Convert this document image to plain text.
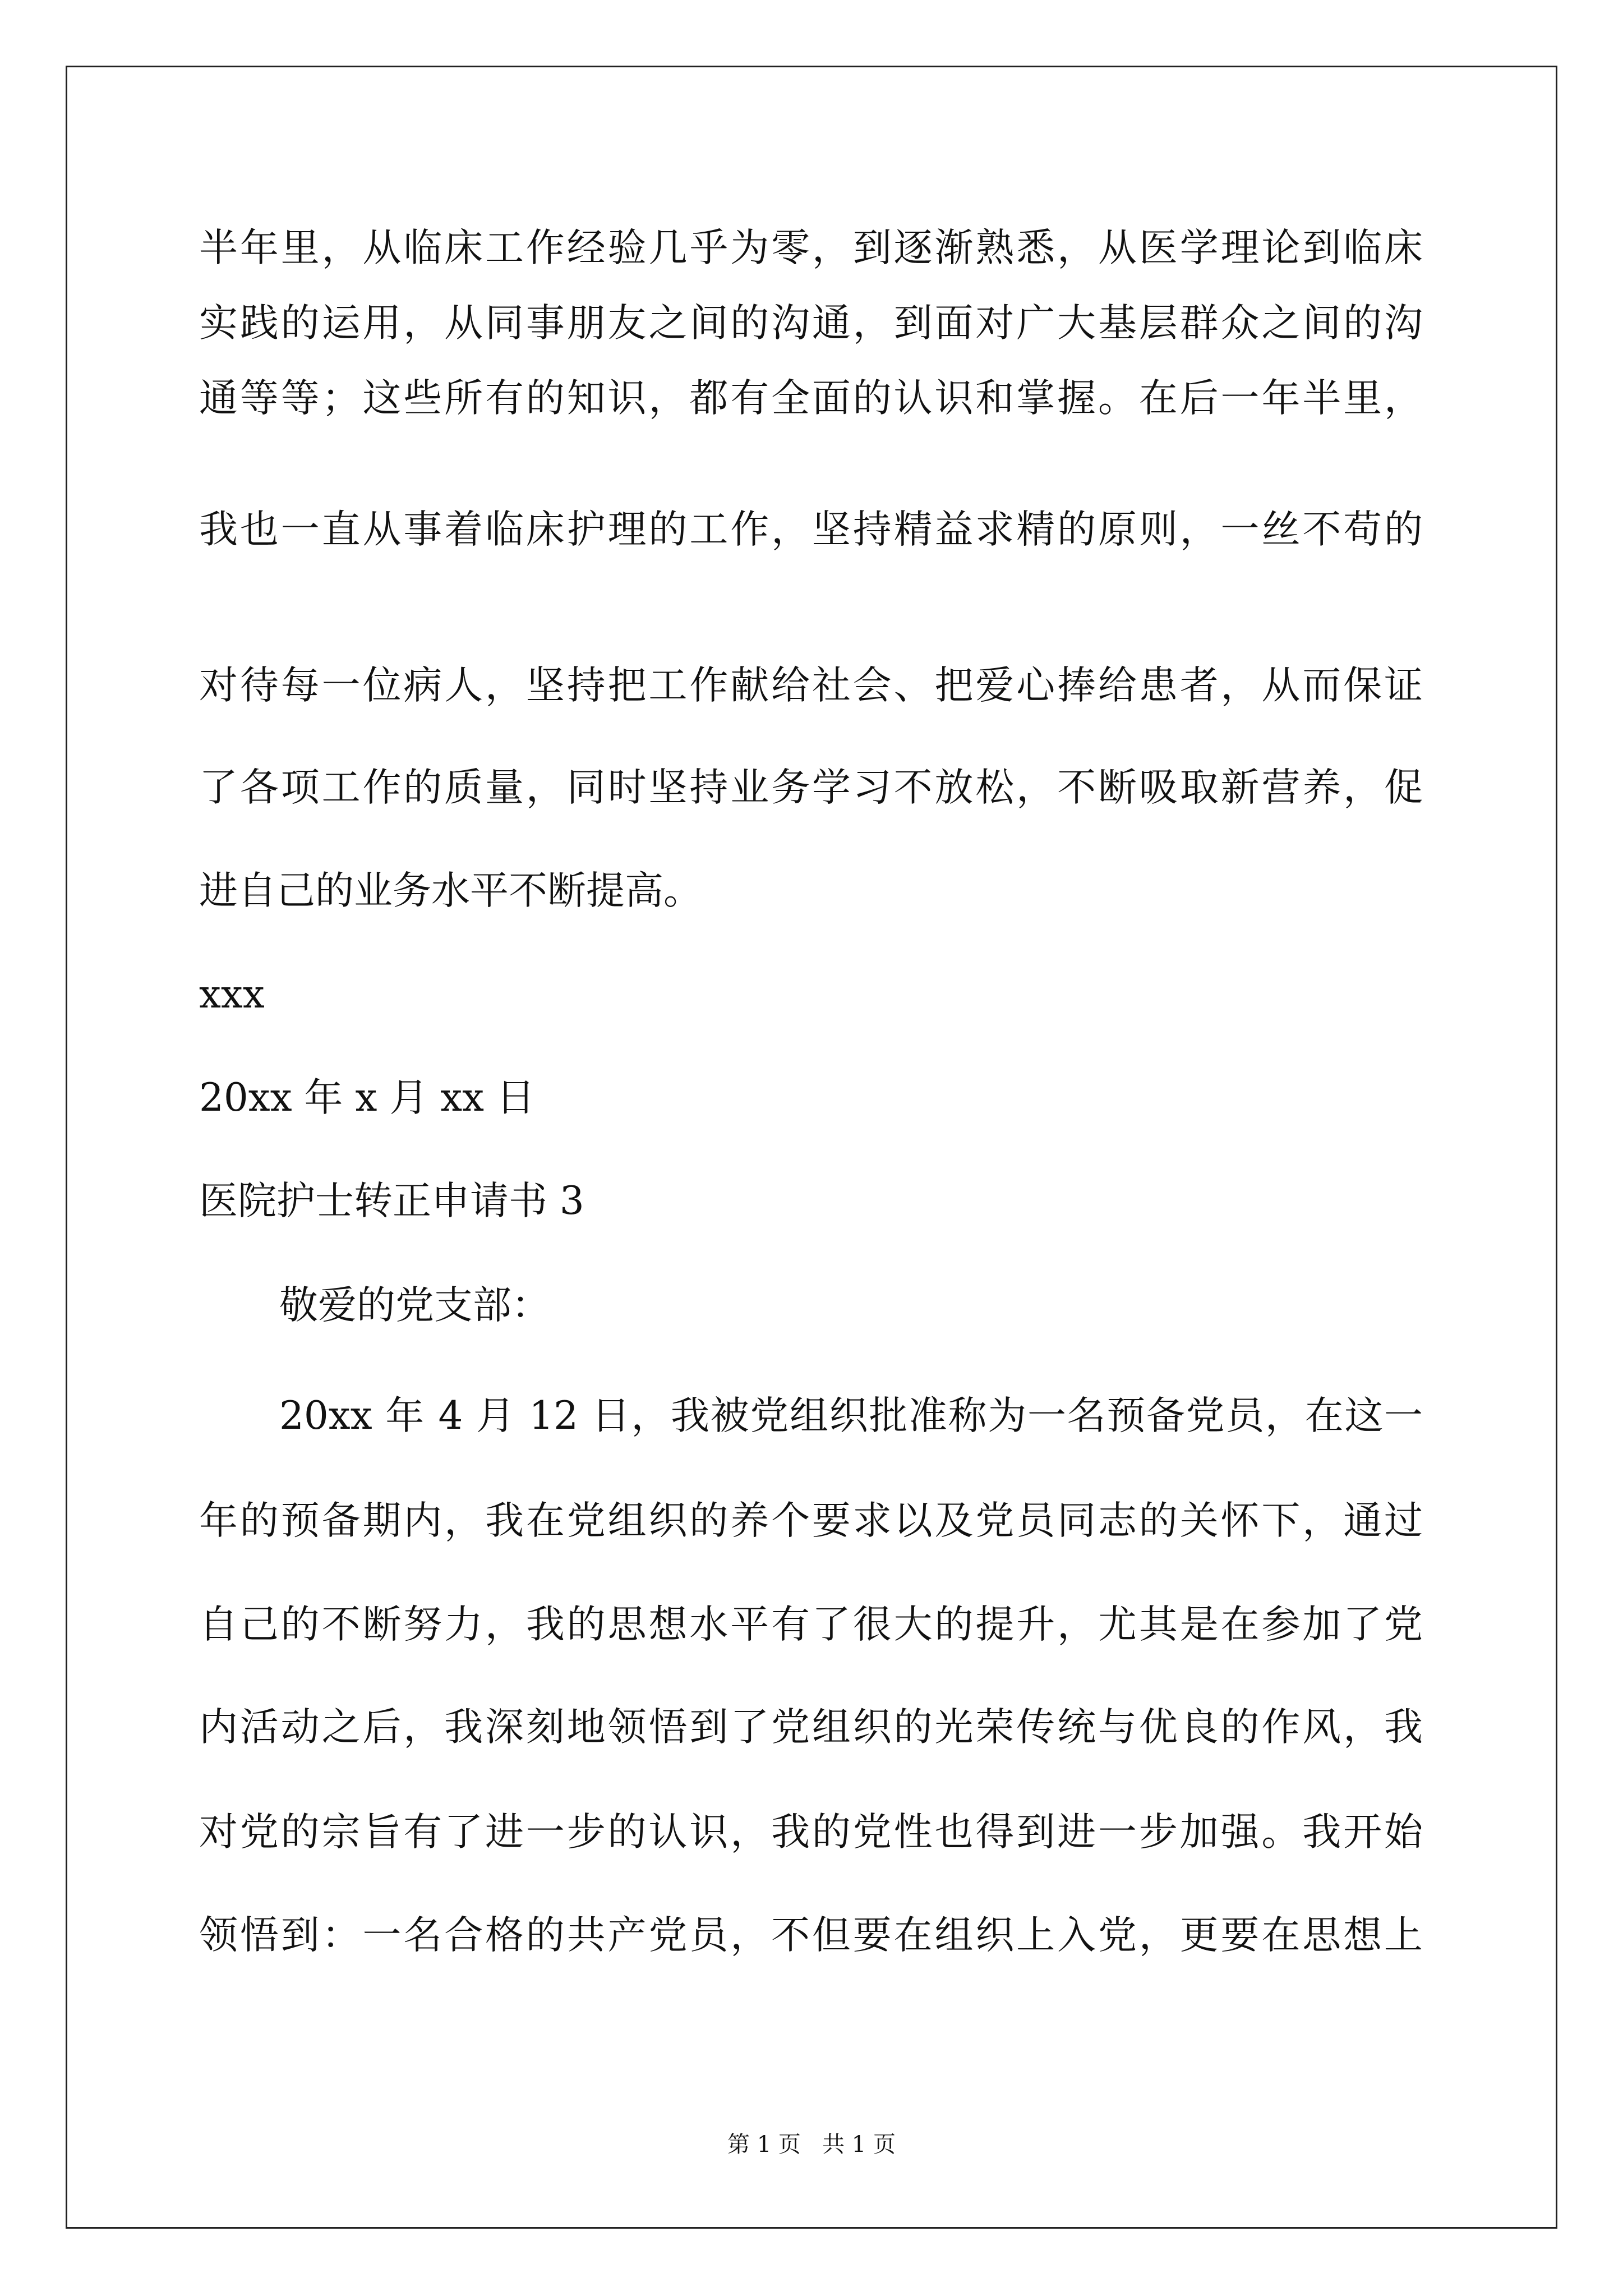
半年里，从临床工作经验几乎为零，到逐渐熟悉，从医学理论到临床
实践的运用，从同事朋友之间的沟通，到面对广大基层群众之间的沟
通等等；这些所有的知识，都有全面的认识和掌握。在后一年半里，
我也一直从事着临床护理的工作，坚持精益求精的原则，一丝不苟的
对待每一位病人，坚持把工作献给社会、把爱心捧给患者，从而保证
了各项工作的质量，同时坚持业务学习不放松，不断吸取新营养，促
进自己的业务水平不断提高。
xxx
20xx 年 x 月 xx 日
医院护士转正申请书 3
敬爱的党支部：
20xx 年 4 月 12 日，我被党组织批准称为一名预备党员，在这一
年的预备期内，我在党组织的养个要求以及党员同志的关怀下，通过
自己的不断努力，我的思想水平有了很大的提升，尤其是在参加了党
内活动之后，我深刻地领悟到了党组织的光荣传统与优良的作风，我
对党的宗旨有了进一步的认识，我的党性也得到进一步加强。我开始
领悟到：一名合格的共产党员，不但要在组织上入党，更要在思想上
第 1 页   共 1 页
